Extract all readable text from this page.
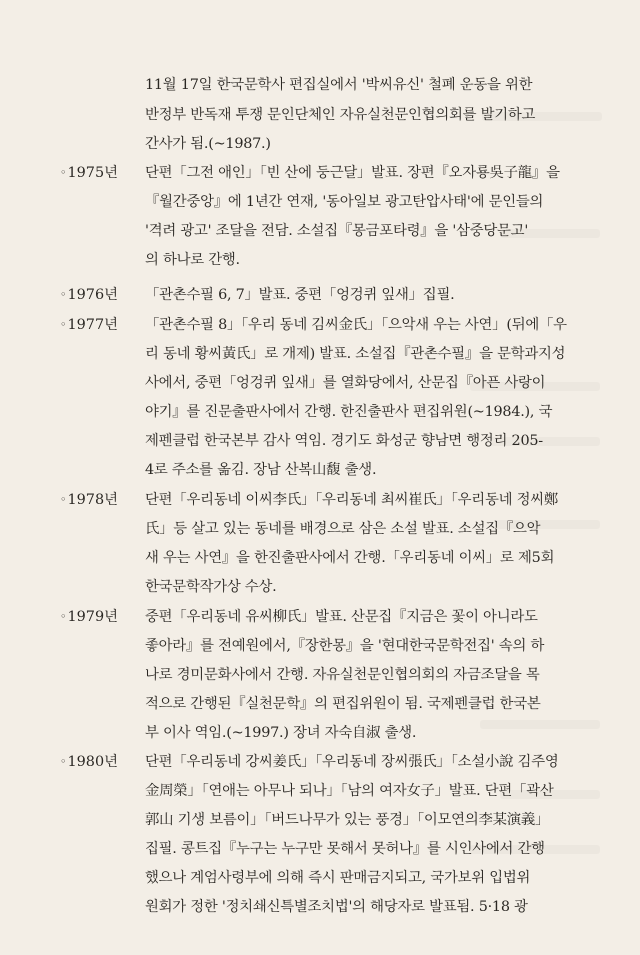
11월 17일 한국문학사 편집실에서 '박씨유신' 철폐 운동을 위한
반정부 반독재 투쟁 문인단체인 자유실천문인협의회를 발기하고
간사가 됨.(~1987.)
◦1975년 단편「그전 애인」「빈 산에 둥근달」발표. 장편『오자룡吳子龍』을
『월간중앙』에 1년간 연재, '동아일보 광고탄압사태'에 문인들의
'격려 광고' 조달을 전담. 소설집『몽금포타령』을 '삼중당문고'
의 하나로 간행.
◦1976년 「관촌수필 6, 7」발표. 중편「엉겅퀴 잎새」집필.
◦1977년 「관촌수필 8」「우리 동네 김씨金氏」「으악새 우는 사연」(뒤에「우
리 동네 황씨黃氏」로 개제) 발표. 소설집『관촌수필』을 문학과지성
사에서, 중편「엉겅퀴 잎새」를 열화당에서, 산문집『아픈 사랑이
야기』를 진문출판사에서 간행. 한진출판사 편집위원(~1984.), 국
제펜클럽 한국본부 감사 역임. 경기도 화성군 향남면 행정리 205-
4로 주소를 옮김. 장남 산복山馥 출생.
◦1978년 단편「우리동네 이씨李氏」「우리동네 최씨崔氏」「우리동네 정씨鄭
氏」등 살고 있는 동네를 배경으로 삼은 소설 발표. 소설집『으악
새 우는 사연』을 한진출판사에서 간행.「우리동네 이씨」로 제5회
한국문학작가상 수상.
◦1979년 중편「우리동네 유씨柳氏」발표. 산문집『지금은 꽃이 아니라도
좋아라』를 전예원에서,『장한몽』을 '현대한국문학전집' 속의 하
나로 경미문화사에서 간행. 자유실천문인협의회의 자금조달을 목
적으로 간행된『실천문학』의 편집위원이 됨. 국제펜클럽 한국본
부 이사 역임.(~1997.) 장녀 자숙自淑 출생.
◦1980년 단편「우리동네 강씨姜氏」「우리동네 장씨張氏」「소설小說 김주영
金周榮」「연애는 아무나 되나」「남의 여자女子」발표. 단편「곽산
郭山 기생 보름이」「버드나무가 있는 풍경」「이모연의李某演義」
집필. 콩트집『누구는 누구만 못해서 못허나』를 시인사에서 간행
했으나 계엄사령부에 의해 즉시 판매금지되고, 국가보위 입법위
원회가 정한 '정치쇄신특별조치법'의 해당자로 발표됨. 5·18 광
